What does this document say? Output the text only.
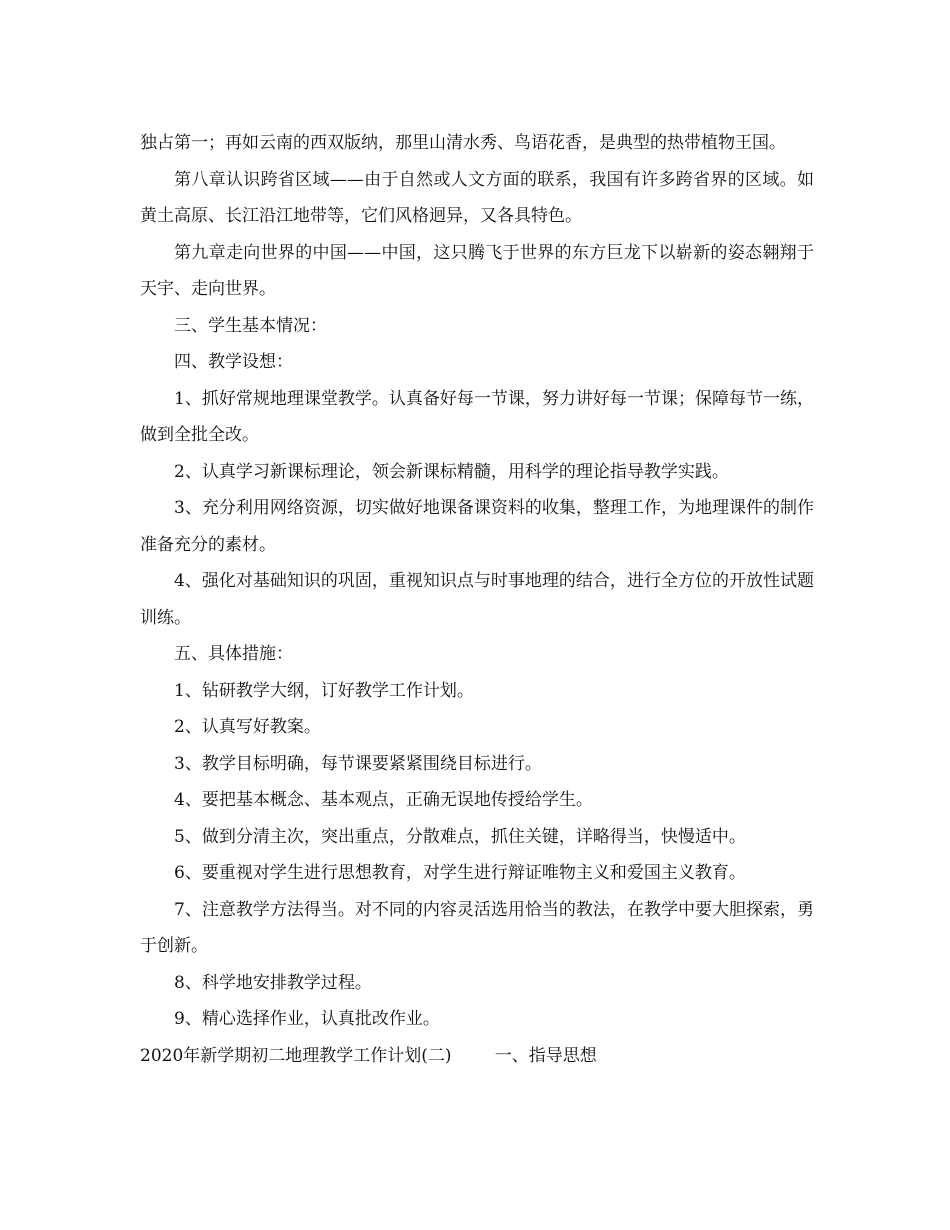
独占第一；再如云南的西双版纳，那里山清水秀、鸟语花香，是典型的热带植物王国。

第八章认识跨省区域——由于自然或人文方面的联系，我国有许多跨省界的区域。如黄土高原、长江沿江地带等，它们风格迥异，又各具特色。

第九章走向世界的中国——中国，这只腾飞于世界的东方巨龙下以崭新的姿态翱翔于天宇、走向世界。

三、学生基本情况：

四、教学设想：

1、抓好常规地理课堂教学。认真备好每一节课，努力讲好每一节课；保障每节一练，做到全批全改。

2、认真学习新课标理论，领会新课标精髓，用科学的理论指导教学实践。

3、充分利用网络资源，切实做好地课备课资料的收集，整理工作，为地理课件的制作准备充分的素材。

4、强化对基础知识的巩固，重视知识点与时事地理的结合，进行全方位的开放性试题训练。

五、具体措施：

1、钻研教学大纲，订好教学工作计划。

2、认真写好教案。

3、教学目标明确，每节课要紧紧围绕目标进行。

4、要把基本概念、基本观点，正确无误地传授给学生。

5、做到分清主次，突出重点，分散难点，抓住关键，详略得当，快慢适中。

6、要重视对学生进行思想教育，对学生进行辩证唯物主义和爱国主义教育。

7、注意教学方法得当。对不同的内容灵活选用恰当的教法，在教学中要大胆探索，勇于创新。

8、科学地安排教学过程。

9、精心选择作业，认真批改作业。

2020年新学期初二地理教学工作计划(二)	一、指导思想
